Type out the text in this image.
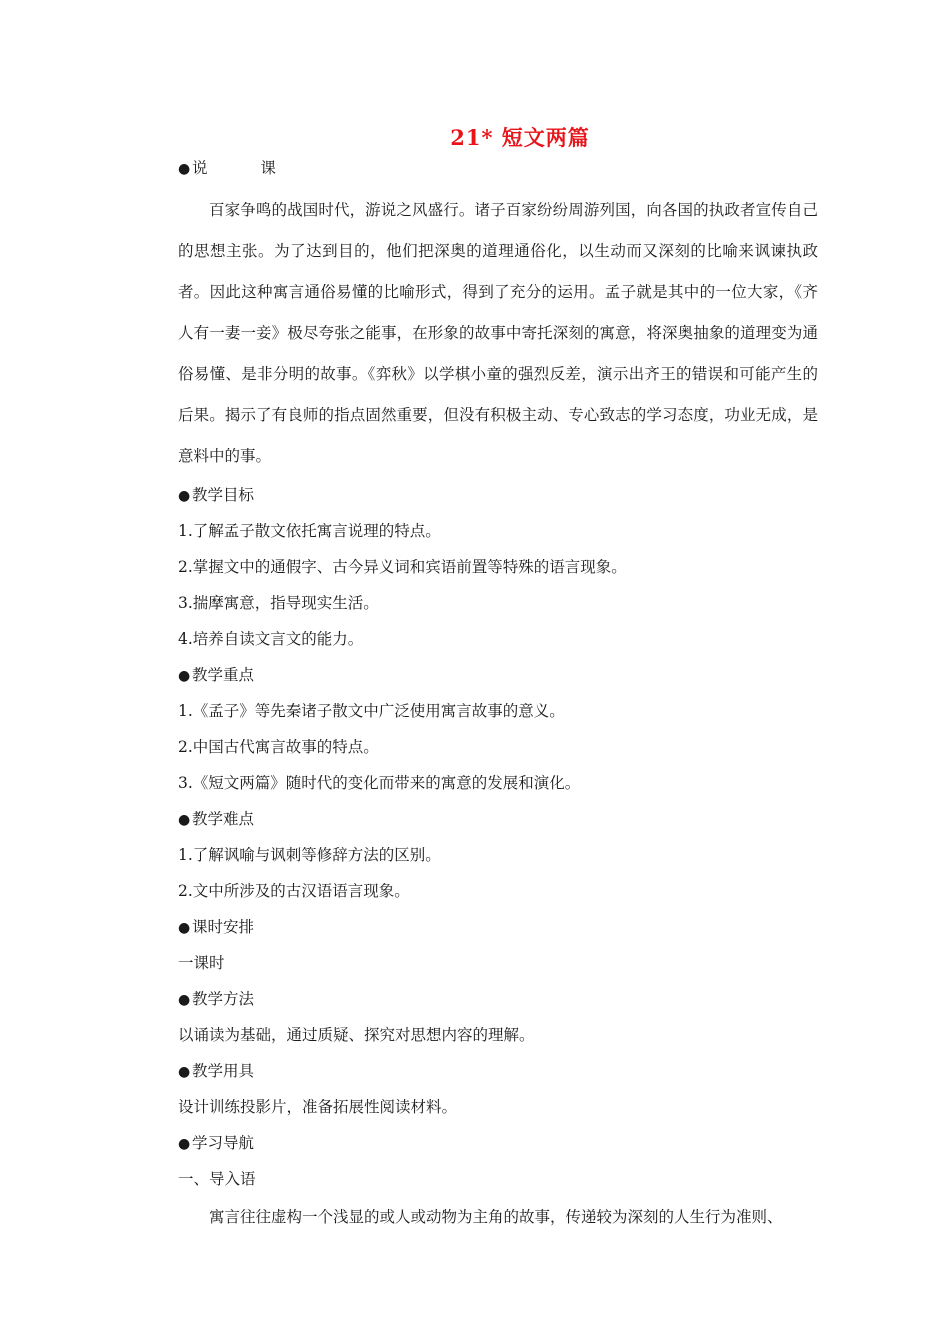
21* 短文两篇
● 说 课

百家争鸣的战国时代，游说之风盛行。诸子百家纷纷周游列国，向各国的执政者宣传自己的思想主张。为了达到目的，他们把深奥的道理通俗化，以生动而又深刻的比喻来讽谏执政者。因此这种寓言通俗易懂的比喻形式，得到了充分的运用。孟子就是其中的一位大家，《齐人有一妻一妾》极尽夸张之能事，在形象的故事中寄托深刻的寓意，将深奥抽象的道理变为通俗易懂、是非分明的故事。《弈秋》以学棋小童的强烈反差，演示出齐王的错误和可能产生的后果。揭示了有良师的指点固然重要，但没有积极主动、专心致志的学习态度，功业无成，是意料中的事。

● 教学目标
1.了解孟子散文依托寓言说理的特点。
2.掌握文中的通假字、古今异义词和宾语前置等特殊的语言现象。
3.揣摩寓意，指导现实生活。
4.培养自读文言文的能力。
● 教学重点
1.《孟子》等先秦诸子散文中广泛使用寓言故事的意义。
2.中国古代寓言故事的特点。
3.《短文两篇》随时代的变化而带来的寓意的发展和演化。
● 教学难点
1.了解讽喻与讽刺等修辞方法的区别。
2.文中所涉及的古汉语语言现象。
● 课时安排
一课时
● 教学方法
以诵读为基础，通过质疑、探究对思想内容的理解。
● 教学用具
设计训练投影片，准备拓展性阅读材料。
● 学习导航
一、导入语

寓言往往虚构一个浅显的或人或动物为主角的故事，传递较为深刻的人生行为准则、
